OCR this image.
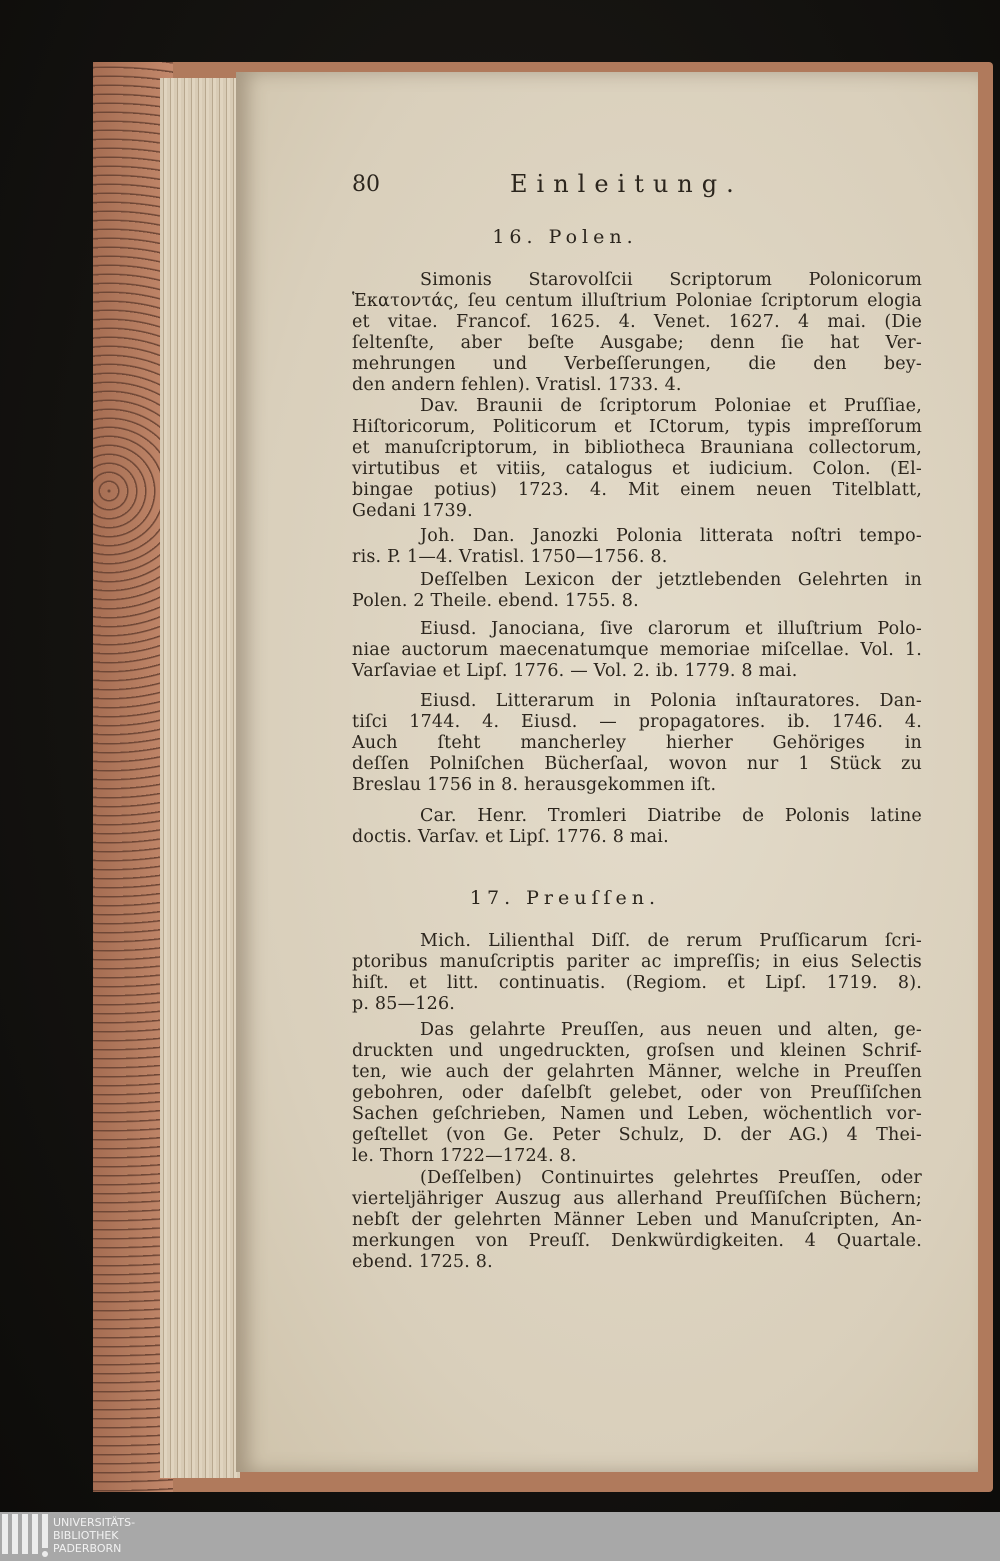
80	Einleitung.
16. Polen.
17. Preuſſen.
Simonis Starovolſcii Scriptorum Polonicorum
Ἑκατοντάς, ſeu centum illuſtrium Poloniae ſcriptorum elogia
et vitae. Francof. 1625. 4. Venet. 1627. 4 mai. (Die
ſeltenſte, aber beſte Ausgabe; denn ſie hat Ver-
mehrungen und Verbeſſerungen, die den bey-
den andern fehlen). Vratisl. 1733. 4.
Dav. Braunii de ſcriptorum Poloniae et Pruſſiae,
Hiſtoricorum, Politicorum et ICtorum, typis impreſſorum
et manuſcriptorum, in bibliotheca Brauniana collectorum,
virtutibus et vitiis, catalogus et iudicium. Colon. (El-
bingae potius) 1723. 4. Mit einem neuen Titelblatt,
Gedani 1739.
Joh. Dan. Janozki Polonia litterata noſtri tempo-
ris. P. 1—4. Vratisl. 1750—1756. 8.
Deſſelben Lexicon der jetztlebenden Gelehrten in
Polen. 2 Theile. ebend. 1755. 8.
Eiusd. Janociana, ſive clarorum et illuſtrium Polo-
niae auctorum maecenatumque memoriae miſcellae. Vol. 1.
Varſaviae et Lipſ. 1776. — Vol. 2. ib. 1779. 8 mai.
Eiusd. Litterarum in Polonia inſtauratores. Dan-
tiſci 1744. 4. Eiusd. — propagatores. ib. 1746. 4.
Auch ſteht mancherley hierher Gehöriges in
deſſen Polniſchen Bücherſaal, wovon nur 1 Stück zu
Breslau 1756 in 8. herausgekommen iſt.
Car. Henr. Tromleri Diatribe de Polonis latine
doctis. Varſav. et Lipſ. 1776. 8 mai.
Mich. Lilienthal Diſſ. de rerum Pruſſicarum ſcri-
ptoribus manuſcriptis pariter ac impreſſis; in eius Selectis
hiſt. et litt. continuatis. (Regiom. et Lipſ. 1719. 8).
p. 85—126.
Das gelahrte Preuſſen, aus neuen und alten, ge-
druckten und ungedruckten, groſsen und kleinen Schrif-
ten, wie auch der gelahrten Männer, welche in Preuſſen
gebohren, oder daſelbſt gelebet, oder von Preuſſiſchen
Sachen geſchrieben, Namen und Leben, wöchentlich vor-
geſtellet (von Ge. Peter Schulz, D. der AG.) 4 Thei-
le. Thorn 1722—1724. 8.
(Deſſelben) Continuirtes gelehrtes Preuſſen, oder
vierteljähriger Auszug aus allerhand Preuſſiſchen Büchern;
nebſt der gelehrten Männer Leben und Manuſcripten, An-
merkungen von Preuſſ. Denkwürdigkeiten. 4 Quartale.
ebend. 1725. 8.
UNIVERSITÄTS-
BIBLIOTHEK
PADERBORN
